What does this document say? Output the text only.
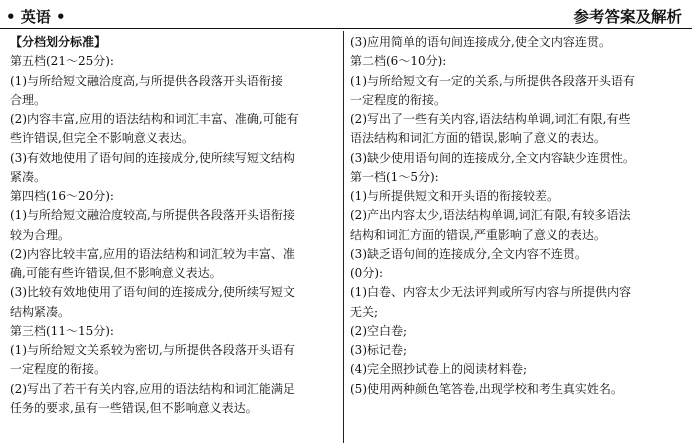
• 英语 •	参考答案及解析
【分档划分标准】
第五档(21～25分):
(1)与所给短文融洽度高,与所提供各段落开头语衔接
合理。
(2)内容丰富,应用的语法结构和词汇丰富、准确,可能有
些许错误,但完全不影响意义表达。
(3)有效地使用了语句间的连接成分,使所续写短文结构
紧凑。
第四档(16～20分):
(1)与所给短文融洽度较高,与所提供各段落开头语衔接
较为合理。
(2)内容比较丰富,应用的语法结构和词汇较为丰富、准
确,可能有些许错误,但不影响意义表达。
(3)比较有效地使用了语句间的连接成分,使所续写短文
结构紧凑。
第三档(11～15分):
(1)与所给短文关系较为密切,与所提供各段落开头语有
一定程度的衔接。
(2)写出了若干有关内容,应用的语法结构和词汇能满足
任务的要求,虽有一些错误,但不影响意义表达。
(3)应用简单的语句间连接成分,使全文内容连贯。
第二档(6～10分):
(1)与所给短文有一定的关系,与所提供各段落开头语有
一定程度的衔接。
(2)写出了一些有关内容,语法结构单调,词汇有限,有些
语法结构和词汇方面的错误,影响了意义的表达。
(3)缺少使用语句间的连接成分,全文内容缺少连贯性。
第一档(1～5分):
(1)与所提供短文和开头语的衔接较差。
(2)产出内容太少,语法结构单调,词汇有限,有较多语法
结构和词汇方面的错误,严重影响了意义的表达。
(3)缺乏语句间的连接成分,全文内容不连贯。
(0分):
(1)白卷、内容太少无法评判或所写内容与所提供内容
无关;
(2)空白卷;
(3)标记卷;
(4)完全照抄试卷上的阅读材料卷;
(5)使用两种颜色笔答卷,出现学校和考生真实姓名。
